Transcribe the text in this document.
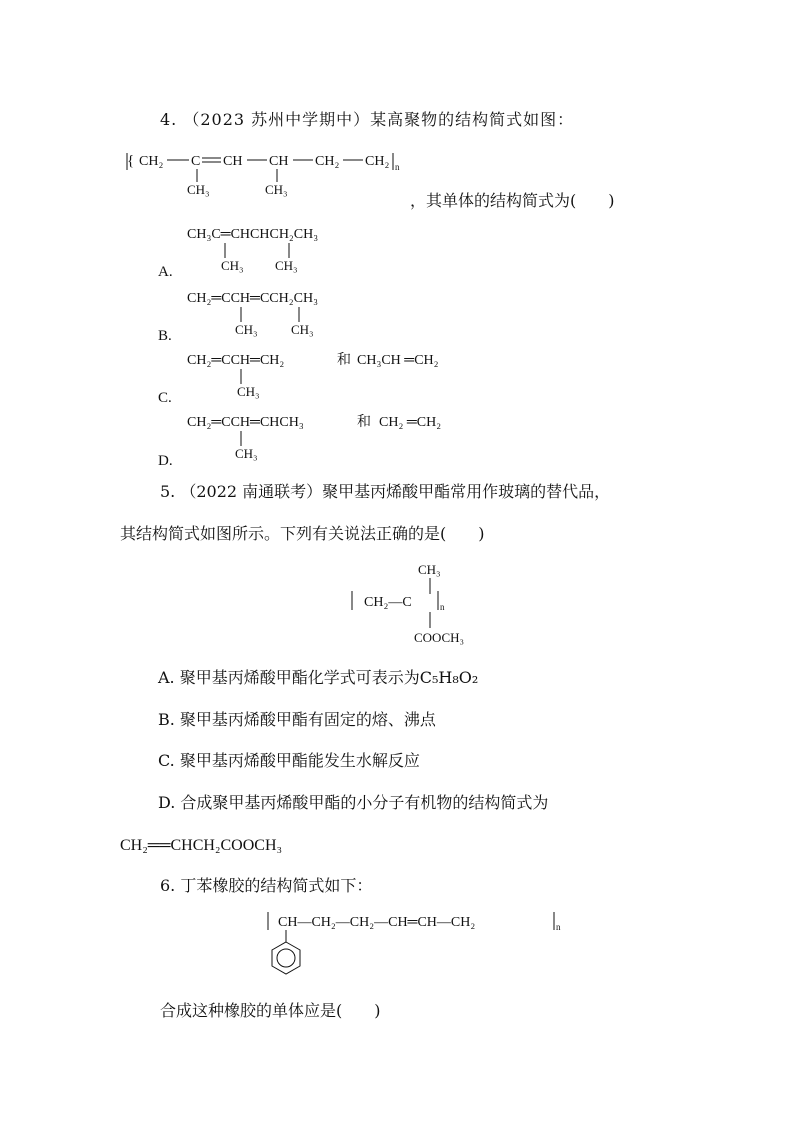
4. （2023 苏州中学期中）某高聚物的结构简式如图：
{ CH₂ C CH CH CH₂ CH₂ n
CH₃	CH₃
，其单体的结构简式为(　　)
CH₃C═CHCHCH₂CH₃
CH₃ CH₃
A.
CH₂═CCH═CCH₂CH₃
CH₃	CH₃
B.
CH₂═CCH═CH₂	和 CH₃CH ═CH₂
CH₃
C.
CH₂═CCH═CHCH₃	和 CH₂ ═CH₂
CH₃
D.
5. （2022 南通联考）聚甲基丙烯酸甲酯常用作玻璃的替代品，
其结构简式如图所示。下列有关说法正确的是(　　)
CH₃
CH₂—C	n
COOCH₃
A. 聚甲基丙烯酸甲酯化学式可表示为C₅H₈O₂
B. 聚甲基丙烯酸甲酯有固定的熔、沸点
C. 聚甲基丙烯酸甲酯能发生水解反应
D. 合成聚甲基丙烯酸甲酯的小分子有机物的结构简式为
CH₂══CHCH₂COOCH₃
6. 丁苯橡胶的结构简式如下：
CH—CH₂—CH₂—CH═CH—CH₂	n
合成这种橡胶的单体应是(　　)
